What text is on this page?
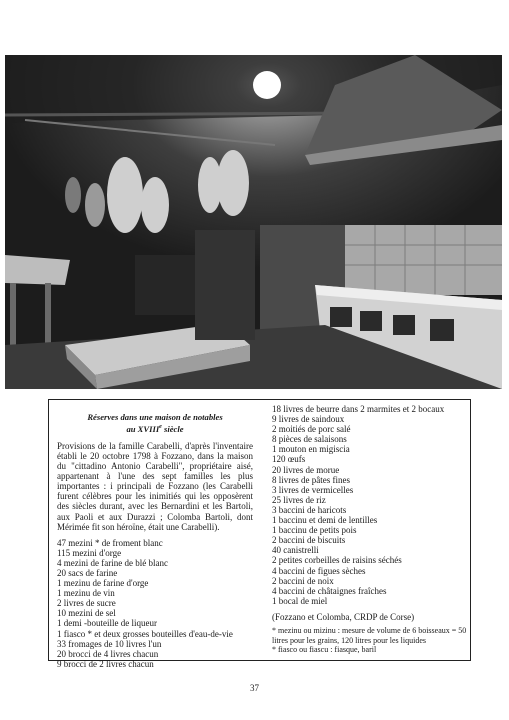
Réserves dans une maison de notables
au XVIIIe siècle
Provisions de la famille Carabelli, d'après l'inventaire établi le 20 octobre 1798 à Fozzano, dans la maison du "cittadino Antonio Carabelli", propriétaire aisé, appartenant à l'une des sept familles les plus importantes : i principali de Fozzano (les Carabelli furent célèbres pour les inimitiés qui les opposèrent des siècles durant, avec les Bernardini et les Bartoli, aux Paoli et aux Durazzi ; Colomba Bartoli, dont Mérimée fit son héroïne, était une Carabelli).
47 mezini * de froment blanc
115 mezini d'orge
4 mezini de farine de blé blanc
20 sacs de farine
1 mezinu de farine d'orge
1 mezinu de vin
2 livres de sucre
10 mezini de sel
1 demi -bouteille de liqueur
1 fiasco * et deux grosses bouteilles d'eau-de-vie
33 fromages de 10 livres l'un
20 brocci de 4 livres chacun
9 brocci de 2 livres chacun
18 livres de beurre dans 2 marmites et 2 bocaux
9 livres de saindoux
2 moitiés de porc salé
8 pièces de salaisons
1 mouton en migiscia
120 œufs
20 livres de morue
8 livres de pâtes fines
3 livres de vermicelles
25 livres de riz
3 baccini de haricots
1 baccinu et demi de lentilles
1 baccinu de petits pois
2 baccini de biscuits
40 canistrelli
2 petites corbeilles de raisins séchés
4 baccini de figues sèches
2 baccini de noix
4 baccini de châtaignes fraîches
1 bocal de miel
(Fozzano et Colomba, CRDP de Corse)
* mezinu ou mizinu : mesure de volume de 6 boisseaux = 50 litres pour les grains, 120 litres pour les liquides
* fiasco ou fiascu : fiasque, baril
37
